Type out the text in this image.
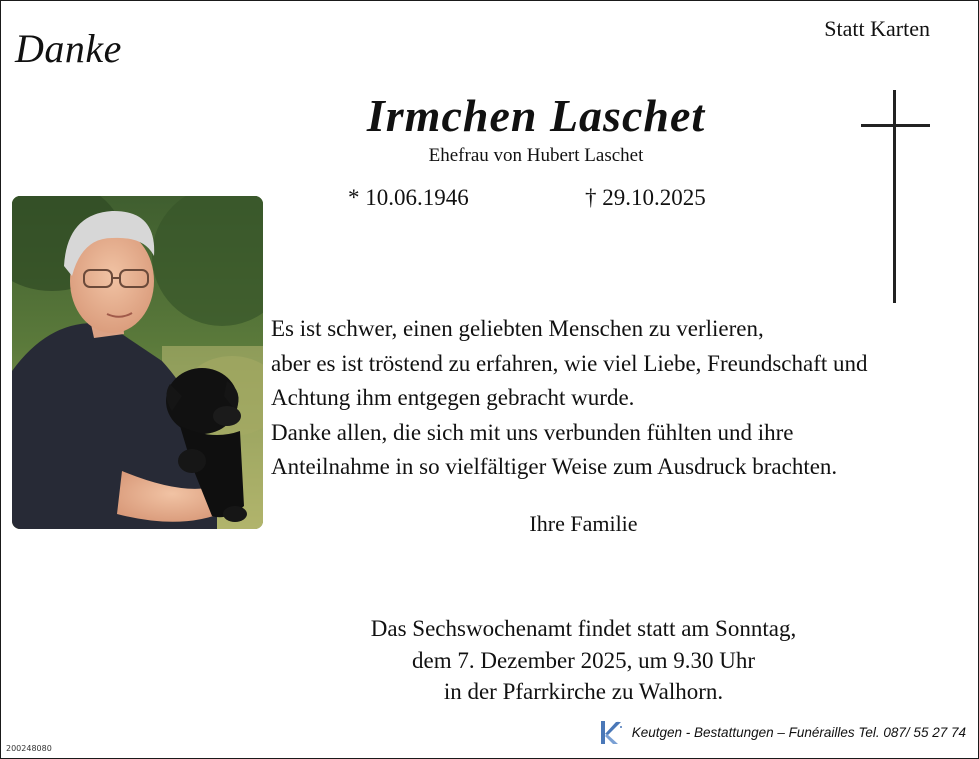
Danke	Statt Karten
Irmchen Laschet
Ehefrau von Hubert Laschet
* 10.06.1946	† 29.10.2025
Es ist schwer, einen geliebten Menschen zu verlieren,
aber es ist tröstend zu erfahren, wie viel Liebe, Freundschaft und
Achtung ihm entgegen gebracht wurde.
Danke allen, die sich mit uns verbunden fühlten und ihre
Anteilnahme in so vielfältiger Weise zum Ausdruck brachten.
Ihre Familie
Das Sechswochenamt findet statt am Sonntag,
dem 7. Dezember 2025, um 9.30 Uhr
in der Pfarrkirche zu Walhorn.
200248080
Keutgen - Bestattungen – Funérailles Tel. 087/ 55 27 74
